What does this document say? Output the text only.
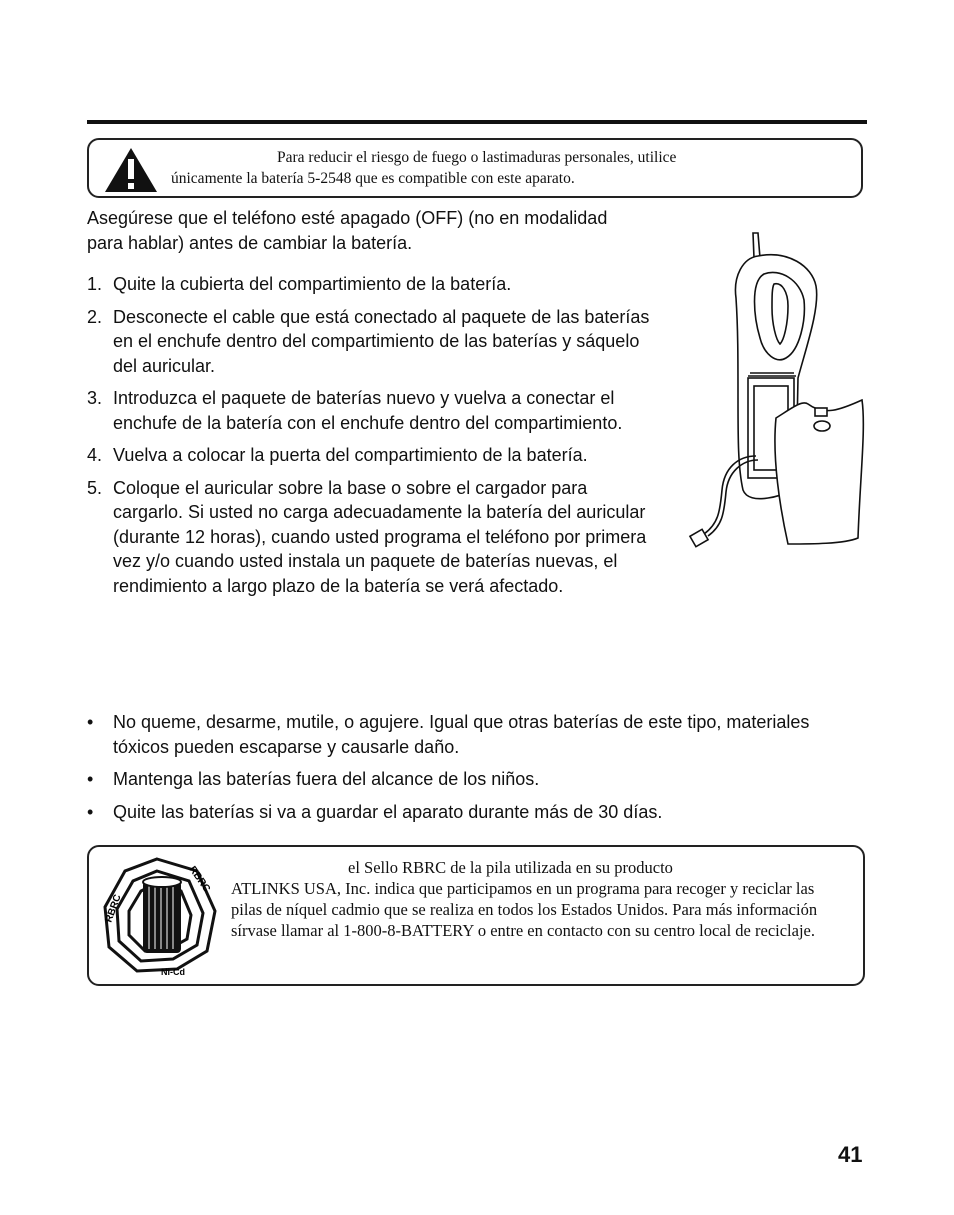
Para reducir el riesgo de fuego o lastimaduras personales, utilice
únicamente la batería 5-2548 que es compatible con este aparato.
Asegúrese que el teléfono esté apagado (OFF) (no en modalidad para hablar) antes de cambiar la batería.
1. Quite la cubierta del compartimiento de la batería.
2. Desconecte el cable que está conectado al paquete de las baterías en el enchufe dentro del compartimiento de las baterías y sáquelo del auricular.
3. Introduzca el paquete de baterías nuevo y vuelva a conectar el enchufe de la batería con el enchufe dentro del compartimiento.
4. Vuelva a colocar la puerta del compartimiento de la batería.
5. Coloque el auricular sobre la base o sobre el cargador para cargarlo. Si usted no carga adecuadamente la batería del auricular (durante 12 horas), cuando usted programa el teléfono por primera vez y/o cuando usted instala un paquete de baterías nuevas, el rendimiento a largo plazo de la batería se verá afectado.
• No queme, desarme, mutile, o agujere. Igual que otras baterías de este tipo, materiales tóxicos pueden escaparse y causarle daño.
• Mantenga las baterías fuera del alcance de los niños.
• Quite las baterías si va a guardar el aparato durante más de 30 días.
RBRC
RBRC
Ni-Cd
el Sello RBRC de la pila utilizada en su producto
ATLINKS USA, Inc. indica que participamos en un programa para recoger y reciclar las pilas de níquel cadmio que se realiza en todos los Estados Unidos. Para más información sírvase llamar al 1-800-8-BATTERY o entre en contacto con su centro local de reciclaje.
41
